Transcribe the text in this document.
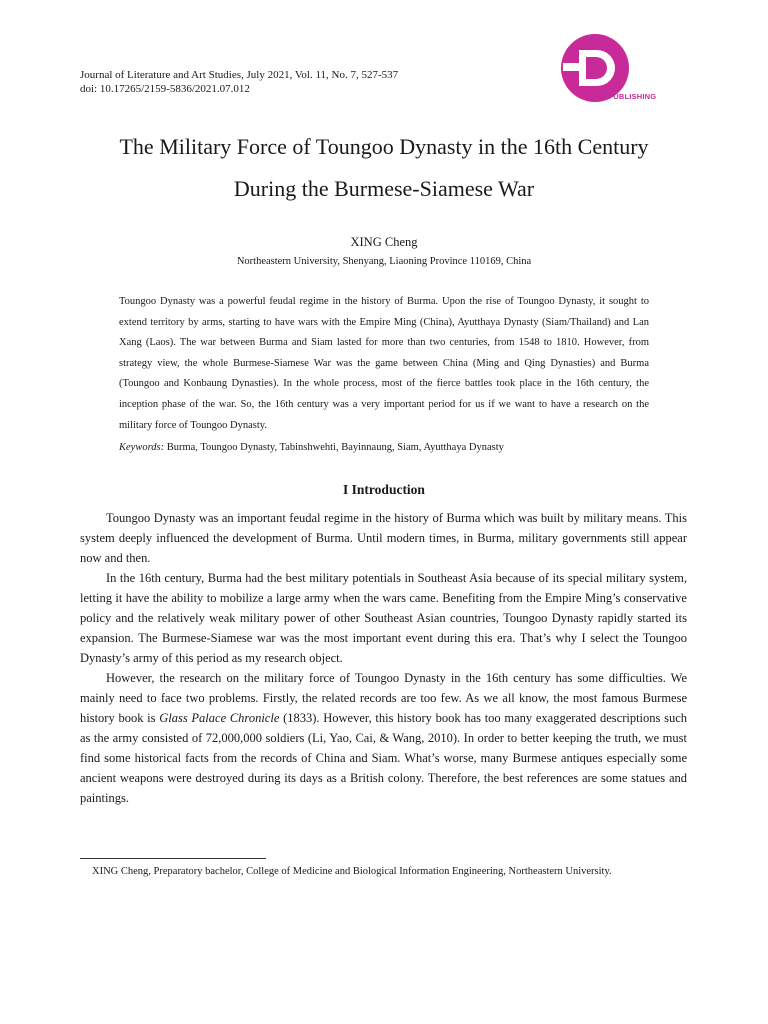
Journal of Literature and Art Studies, July 2021, Vol. 11, No. 7, 527-537
doi: 10.17265/2159-5836/2021.07.012
DAVID PUBLISHING
The Military Force of Toungoo Dynasty in the 16th Century
During the Burmese-Siamese War
XING Cheng
Northeastern University, Shenyang, Liaoning Province 110169, China

Toungoo Dynasty was a powerful feudal regime in the history of Burma. Upon the rise of Toungoo Dynasty, it sought to extend territory by arms, starting to have wars with the Empire Ming (China), Ayutthaya Dynasty (Siam/Thailand) and Lan Xang (Laos). The war between Burma and Siam lasted for more than two centuries, from 1548 to 1810. However, from strategy view, the whole Burmese-Siamese War was the game between China (Ming and Qing Dynasties) and Burma (Toungoo and Konbaung Dynasties). In the whole process, most of the fierce battles took place in the 16th century, the inception phase of the war. So, the 16th century was a very important period for us if we want to have a research on the military force of Toungoo Dynasty.

Keywords: Burma, Toungoo Dynasty, Tabinshwehti, Bayinnaung, Siam, Ayutthaya Dynasty

I Introduction

Toungoo Dynasty was an important feudal regime in the history of Burma which was built by military means. This system deeply influenced the development of Burma. Until modern times, in Burma, military governments still appear now and then.

In the 16th century, Burma had the best military potentials in Southeast Asia because of its special military system, letting it have the ability to mobilize a large army when the wars came. Benefiting from the Empire Ming’s conservative policy and the relatively weak military power of other Southeast Asian countries, Toungoo Dynasty rapidly started its expansion. The Burmese-Siamese war was the most important event during this era. That’s why I select the Toungoo Dynasty’s army of this period as my research object.

However, the research on the military force of Toungoo Dynasty in the 16th century has some difficulties. We mainly need to face two problems. Firstly, the related records are too few. As we all know, the most famous Burmese history book is Glass Palace Chronicle (1833). However, this history book has too many exaggerated descriptions such as the army consisted of 72,000,000 soldiers (Li, Yao, Cai, & Wang, 2010). In order to better keeping the truth, we must find some historical facts from the records of China and Siam. What’s worse, many Burmese antiques especially some ancient weapons were destroyed during its days as a British colony. Therefore, the best references are some statues and paintings.

XING Cheng, Preparatory bachelor, College of Medicine and Biological Information Engineering, Northeastern University.
